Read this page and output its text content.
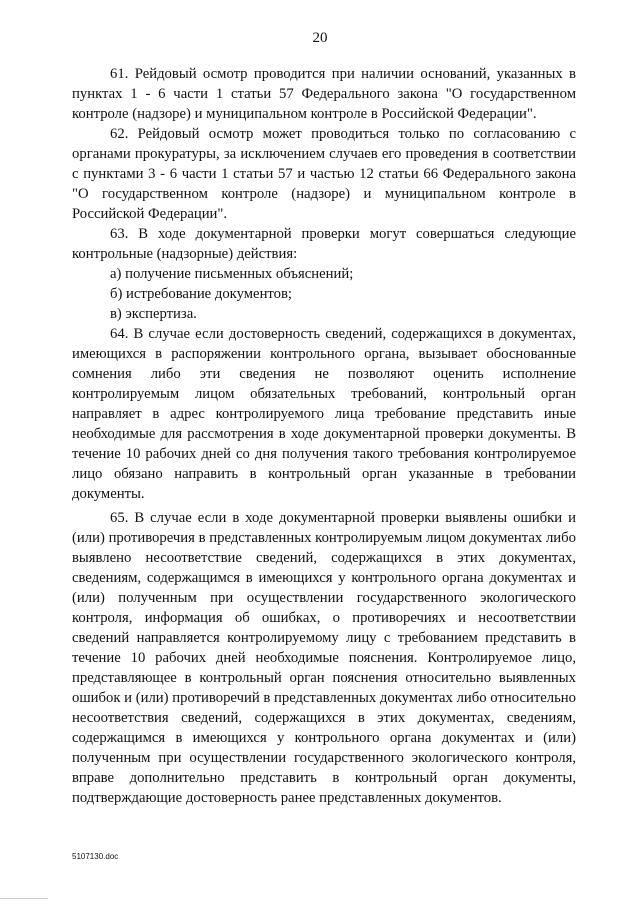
20

61. Рейдовый осмотр проводится при наличии оснований, указанных в пунктах 1 - 6 части 1 статьи 57 Федерального закона "О государственном контроле (надзоре) и муниципальном контроле в Российской Федерации".

62. Рейдовый осмотр может проводиться только по согласованию с органами прокуратуры, за исключением случаев его проведения в соответствии с пунктами 3 - 6 части 1 статьи 57 и частью 12 статьи 66 Федерального закона "О государственном контроле (надзоре) и муниципальном контроле в Российской Федерации".

63. В ходе документарной проверки могут совершаться следующие контрольные (надзорные) действия:

а) получение письменных объяснений;

б) истребование документов;

в) экспертиза.

64. В случае если достоверность сведений, содержащихся в документах, имеющихся в распоряжении контрольного органа, вызывает обоснованные сомнения либо эти сведения не позволяют оценить исполнение контролируемым лицом обязательных требований, контрольный орган направляет в адрес контролируемого лица требование представить иные необходимые для рассмотрения в ходе документарной проверки документы. В течение 10 рабочих дней со дня получения такого требования контролируемое лицо обязано направить в контрольный орган указанные в требовании документы.

65. В случае если в ходе документарной проверки выявлены ошибки и (или) противоречия в представленных контролируемым лицом документах либо выявлено несоответствие сведений, содержащихся в этих документах, сведениям, содержащимся в имеющихся у контрольного органа документах и (или) полученным при осуществлении государственного экологического контроля, информация об ошибках, о противоречиях и несоответствии сведений направляется контролируемому лицу с требованием представить в течение 10 рабочих дней необходимые пояснения. Контролируемое лицо, представляющее в контрольный орган пояснения относительно выявленных ошибок и (или) противоречий в представленных документах либо относительно несоответствия сведений, содержащихся в этих документах, сведениям, содержащимся в имеющихся у контрольного органа документах и (или) полученным при осуществлении государственного экологического контроля, вправе дополнительно представить в контрольный орган документы, подтверждающие достоверность ранее представленных документов.

5107130.doc
